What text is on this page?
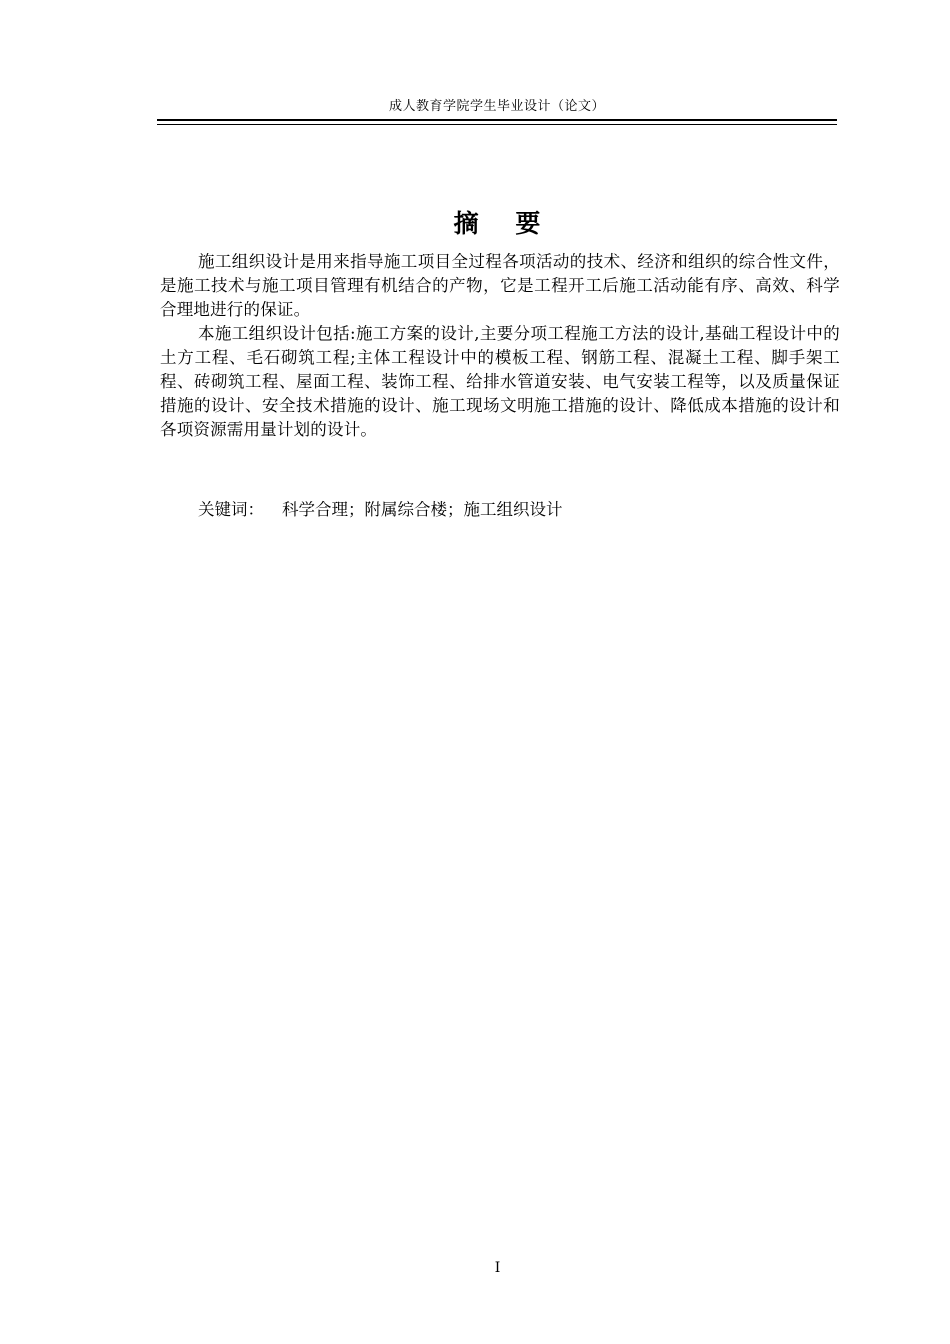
成人教育学院学生毕业设计（论文）
摘 要

施工组织设计是用来指导施工项目全过程各项活动的技术、经济和组织的综合性文件，是施工技术与施工项目管理有机结合的产物，它是工程开工后施工活动能有序、高效、科学合理地进行的保证。

本施工组织设计包括:施工方案的设计,主要分项工程施工方法的设计,基础工程设计中的土方工程、毛石砌筑工程;主体工程设计中的模板工程、钢筋工程、混凝土工程、脚手架工程、砖砌筑工程、屋面工程、装饰工程、给排水管道安装、电气安装工程等，以及质量保证措施的设计、安全技术措施的设计、施工现场文明施工措施的设计、降低成本措施的设计和各项资源需用量计划的设计。

关键词： 科学合理；附属综合楼；施工组织设计
I
